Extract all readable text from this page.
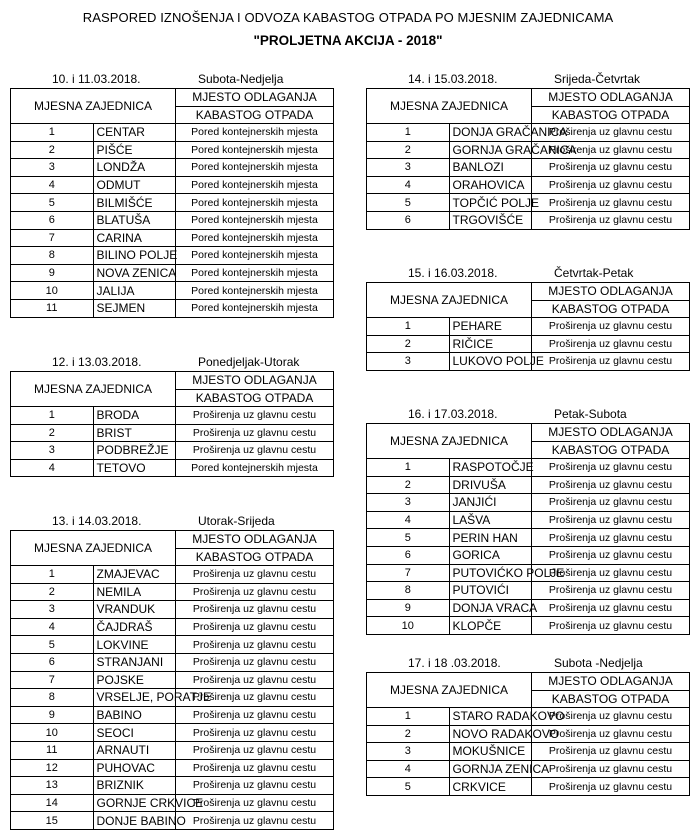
RASPORED IZNOŠENJA I ODVOZA KABASTOG OTPADA PO MJESNIM ZAJEDNICAMA
"PROLJETNA AKCIJA - 2018"
10. i 11.03.2018.	Subota-Nedjelja
MJESNA ZAJEDNICA		MJESTO ODLAGANJA
		KABASTOG OTPADA
1	CENTAR	Pored kontejnerskih mjesta
2	PIŠĆE	Pored kontejnerskih mjesta
3	LONDŽA	Pored kontejnerskih mjesta
4	ODMUT	Pored kontejnerskih mjesta
5	BILMIŠĆE	Pored kontejnerskih mjesta
6	BLATUŠA	Pored kontejnerskih mjesta
7	CARINA	Pored kontejnerskih mjesta
8	BILINO POLJE	Pored kontejnerskih mjesta
9	NOVA ZENICA	Pored kontejnerskih mjesta
10	JALIJA	Pored kontejnerskih mjesta
11	SEJMEN	Pored kontejnerskih mjesta
12. i 13.03.2018.	Ponedjeljak-Utorak
MJESNA ZAJEDNICA		MJESTO ODLAGANJA
		KABASTOG OTPADA
1	BRODA	Proširenja uz glavnu cestu
2	BRIST	Proširenja uz glavnu cestu
3	PODBREŽJE	Proširenja uz glavnu cestu
4	TETOVO	Pored kontejnerskih mjesta
13. i 14.03.2018.	Utorak-Srijeda
MJESNA ZAJEDNICA		MJESTO ODLAGANJA
		KABASTOG OTPADA
1	ZMAJEVAC	Proširenja uz glavnu cestu
2	NEMILA	Proširenja uz glavnu cestu
3	VRANDUK	Proširenja uz glavnu cestu
4	ČAJDRAŠ	Proširenja uz glavnu cestu
5	LOKVINE	Proširenja uz glavnu cestu
6	STRANJANI	Proširenja uz glavnu cestu
7	POJSKE	Proširenja uz glavnu cestu
8	VRSELJE, PORATJE	Proširenja uz glavnu cestu
9	BABINO	Proširenja uz glavnu cestu
10	SEOCI	Proširenja uz glavnu cestu
11	ARNAUTI	Proširenja uz glavnu cestu
12	PUHOVAC	Proširenja uz glavnu cestu
13	BRIZNIK	Proširenja uz glavnu cestu
14	GORNJE CRKVICE	Proširenja uz glavnu cestu
15	DONJE BABINO	Proširenja uz glavnu cestu
14. i 15.03.2018.	Srijeda-Četvrtak
MJESNA ZAJEDNICA		MJESTO ODLAGANJA
		KABASTOG OTPADA
1	DONJA GRAČANICA	Proširenja uz glavnu cestu
2	GORNJA GRAČANICA	Proširenja uz glavnu cestu
3	BANLOZI	Proširenja uz glavnu cestu
4	ORAHOVICA	Proširenja uz glavnu cestu
5	TOPČIĆ POLJE	Proširenja uz glavnu cestu
6	TRGOVIŠĆE	Proširenja uz glavnu cestu
15. i 16.03.2018.	Četvrtak-Petak
MJESNA ZAJEDNICA		MJESTO ODLAGANJA
		KABASTOG OTPADA
1	PEHARE	Proširenja uz glavnu cestu
2	RIČICE	Proširenja uz glavnu cestu
3	LUKOVO POLJE	Proširenja uz glavnu cestu
16. i 17.03.2018.	Petak-Subota
MJESNA ZAJEDNICA		MJESTO ODLAGANJA
		KABASTOG OTPADA
1	RASPOTOČJE	Proširenja uz glavnu cestu
2	DRIVUŠA	Proširenja uz glavnu cestu
3	JANJIĆI	Proširenja uz glavnu cestu
4	LAŠVA	Proširenja uz glavnu cestu
5	PERIN HAN	Proširenja uz glavnu cestu
6	GORICA	Proširenja uz glavnu cestu
7	PUTOVIĆKO POLJE	Proširenja uz glavnu cestu
8	PUTOVIĆI	Proširenja uz glavnu cestu
9	DONJA VRACA	Proširenja uz glavnu cestu
10	KLOPČE	Proširenja uz glavnu cestu
17. i 18 .03.2018.	Subota -Nedjelja
MJESNA ZAJEDNICA		MJESTO ODLAGANJA
		KABASTOG OTPADA
1	STARO RADAKOVO	Proširenja uz glavnu cestu
2	NOVO RADAKOVO	Proširenja uz glavnu cestu
3	MOKUŠNICE	Proširenja uz glavnu cestu
4	GORNJA ZENICA	Proširenja uz glavnu cestu
5	CRKVICE	Proširenja uz glavnu cestu
